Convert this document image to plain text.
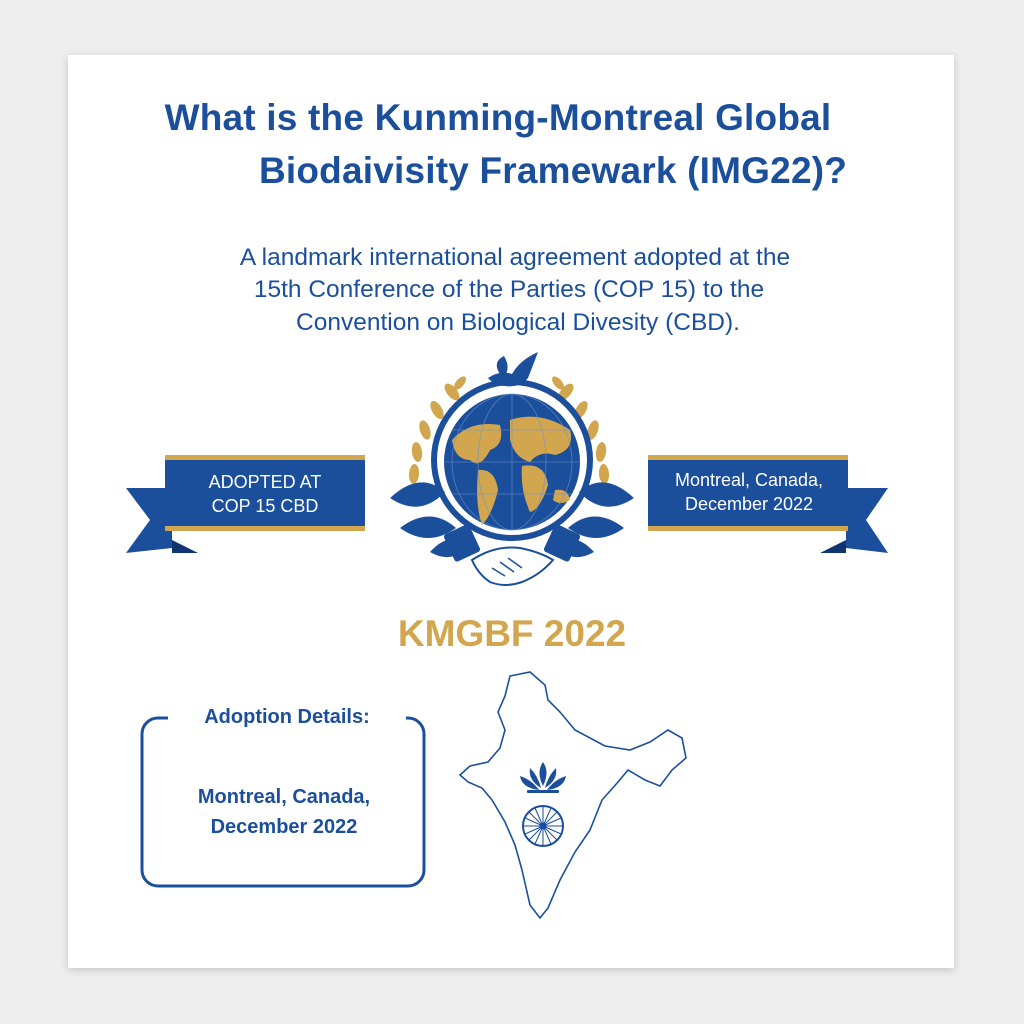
What is the Kunming-Montreal Global
Biodaivisity Framewark (IMG22)?

A landmark international agreement adopted at the

15th Conference of the Parties (COP 15) to the

Convention on Biological Divesity (CBD).

ADOPTED AT
COP 15 CBD
Montreal, Canada,
December 2022
KMGBF 2022
Adoption Details:
Montreal, Canada,
December 2022
